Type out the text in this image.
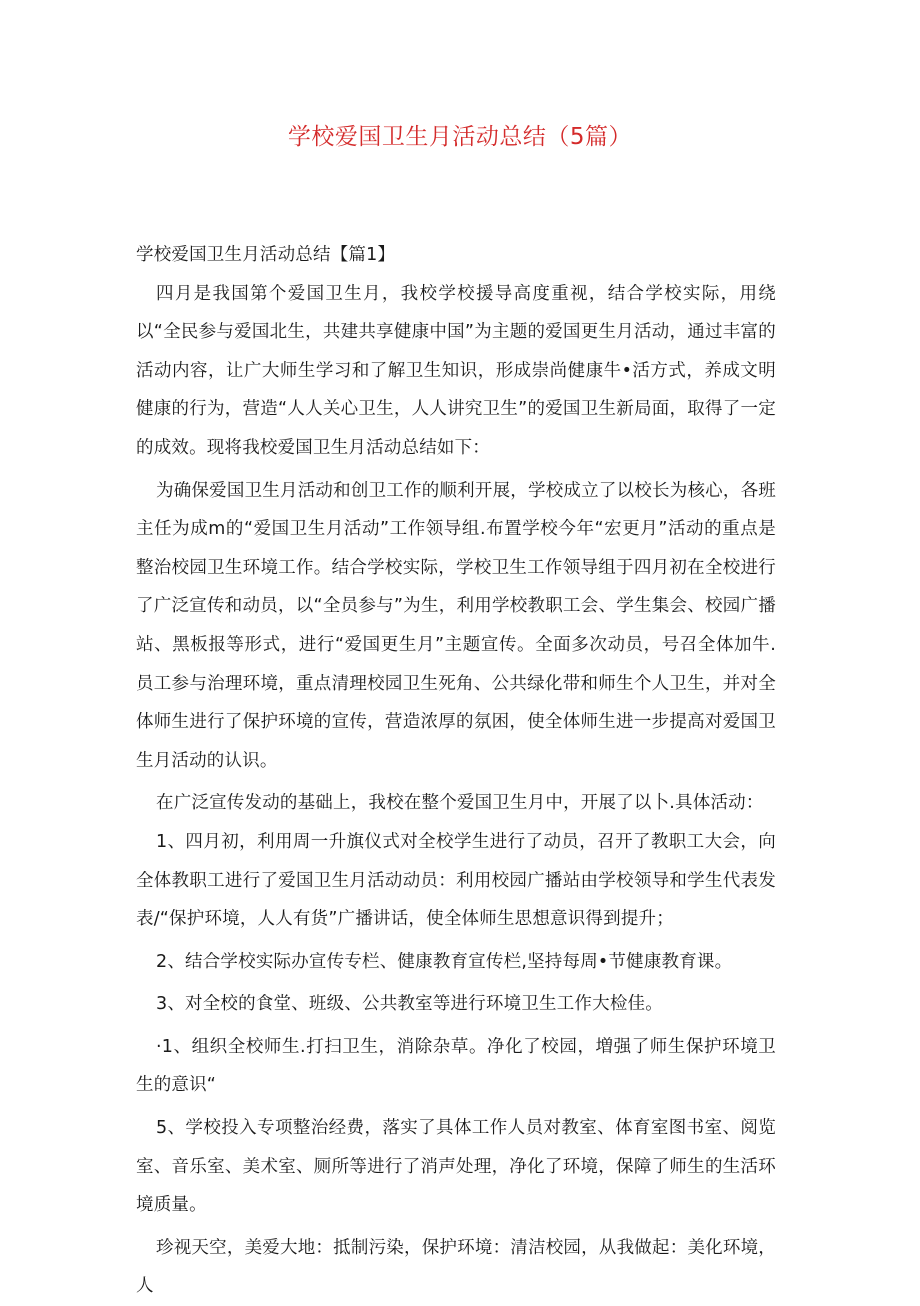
学校爱国卫生月活动总结（5篇）

学校爱国卫生月活动总结【篇1】

四月是我国第个爱国卫生月，我校学校援导高度重视，结合学校实际，用绕以“全民参与爱国北生，共建共享健康中国”为主题的爱国更生月活动，通过丰富的活动内容，让广大师生学习和了解卫生知识，形成崇尚健康牛•活方式，养成文明健康的行为，营造“人人关心卫生，人人讲究卫生”的爱国卫生新局面，取得了一定的成效。现将我校爱国卫生月活动总结如下：

为确保爱国卫生月活动和创卫工作的顺利开展，学校成立了以校长为核心，各班主任为成m的“爱国卫生月活动”工作领导组.布置学校今年“宏更月”活动的重点是整治校园卫生环境工作。结合学校实际，学校卫生工作领导组于四月初在全校进行了广泛宣传和动员，以“全员参与”为生，利用学校教职工会、学生集会、校园广播站、黑板报等形式，进行“爱国更生月”主题宣传。全面多次动员，号召全体加牛.员工参与治理环境，重点清理校园卫生死角、公共绿化带和师生个人卫生，并对全体师生进行了保护环境的宣传，营造浓厚的氛困，使全体师生进一步提高对爱国卫生月活动的认识。

在广泛宣传发动的基础上，我校在整个爱国卫生月中，开展了以卜.具体活动：

1、四月初，利用周一升旗仪式对全校学生进行了动员，召开了教职工大会，向全体教职工进行了爱国卫生月活动动员：利用校园广播站由学校领导和学生代表发表/“保护环境，人人有货”广播讲话，使全体师生思想意识得到提升；

2、结合学校实际办宣传专栏、健康教育宣传栏,坚持每周•节健康教育课。

3、对全校的食堂、班级、公共教室等进行环境卫生工作大检佳。

·1、组织全校师生.打扫卫生，消除杂草。净化了校园，増强了师生保护环境卫生的意识“

5、学校投入专项整治经费，落实了具体工作人员对教室、体育室图书室、阅览室、音乐室、美术室、厕所等进行了消声处理，净化了环境，保障了师生的生活环境质量。

珍视天空，美爱大地：抵制污染，保护环境：清洁校园，从我做起：美化环境，人
